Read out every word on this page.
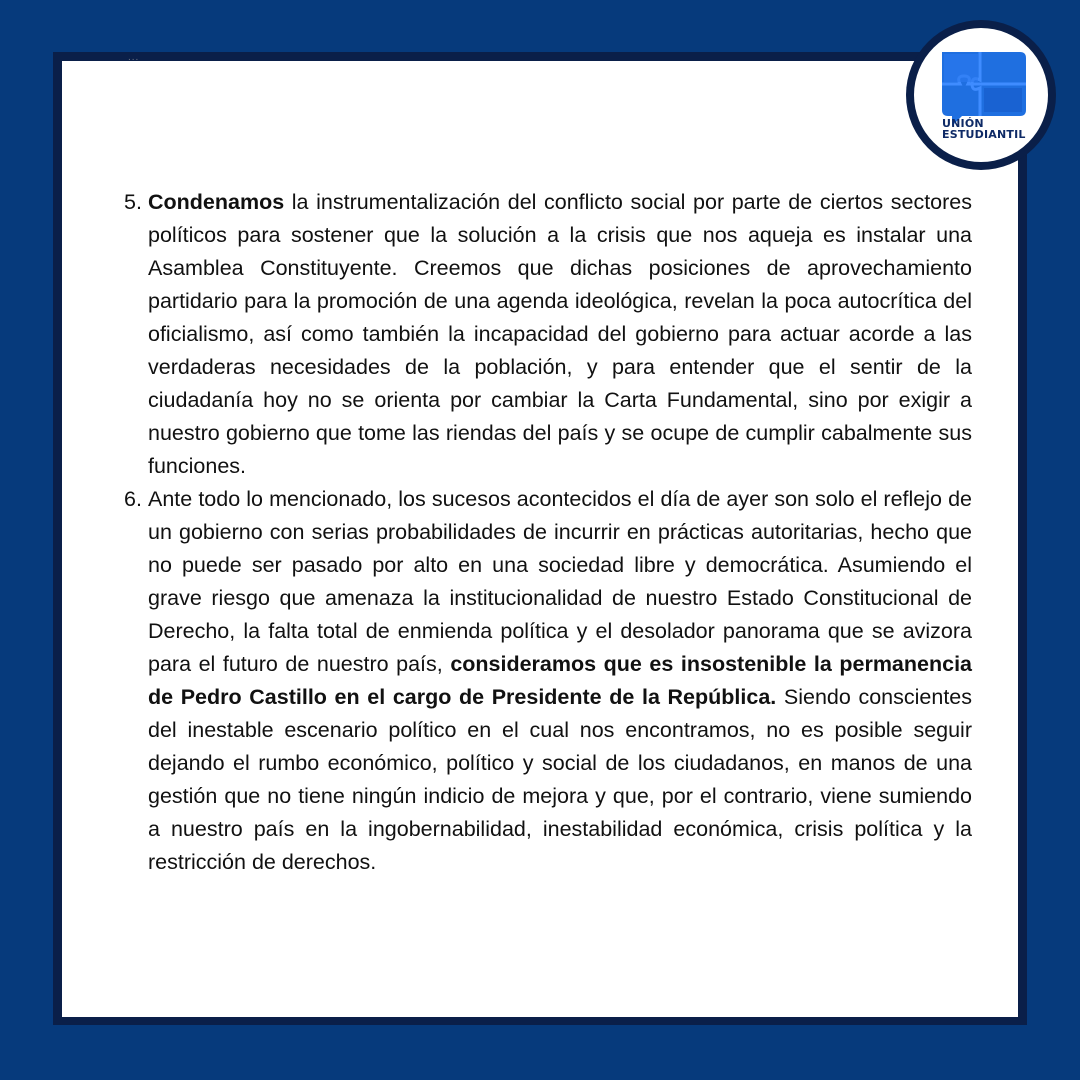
...
UNIÓN
ESTUDIANTIL

5. Condenamos la instrumentalización del conflicto social por parte de ciertos sectores políticos para sostener que la solución a la crisis que nos aqueja es instalar una Asamblea Constituyente. Creemos que dichas posiciones de aprovechamiento partidario para la promoción de una agenda ideológica, revelan la poca autocrítica del oficialismo, así como también la incapacidad del gobierno para actuar acorde a las verdaderas necesidades de la población, y para entender que el sentir de la ciudadanía hoy no se orienta por cambiar la Carta Fundamental, sino por exigir a nuestro gobierno que tome las riendas del país y se ocupe de cumplir cabalmente sus funciones.

6. Ante todo lo mencionado, los sucesos acontecidos el día de ayer son solo el reflejo de un gobierno con serias probabilidades de incurrir en prácticas autoritarias, hecho que no puede ser pasado por alto en una sociedad libre y democrática. Asumiendo el grave riesgo que amenaza la institucionalidad de nuestro Estado Constitucional de Derecho, la falta total de enmienda política y el desolador panorama que se avizora para el futuro de nuestro país, consideramos que es insostenible la permanencia de Pedro Castillo en el cargo de Presidente de la República. Siendo conscientes del inestable escenario político en el cual nos encontramos, no es posible seguir dejando el rumbo económico, político y social de los ciudadanos, en manos de una gestión que no tiene ningún indicio de mejora y que, por el contrario, viene sumiendo a nuestro país en la ingobernabilidad, inestabilidad económica, crisis política y la restricción de derechos.
